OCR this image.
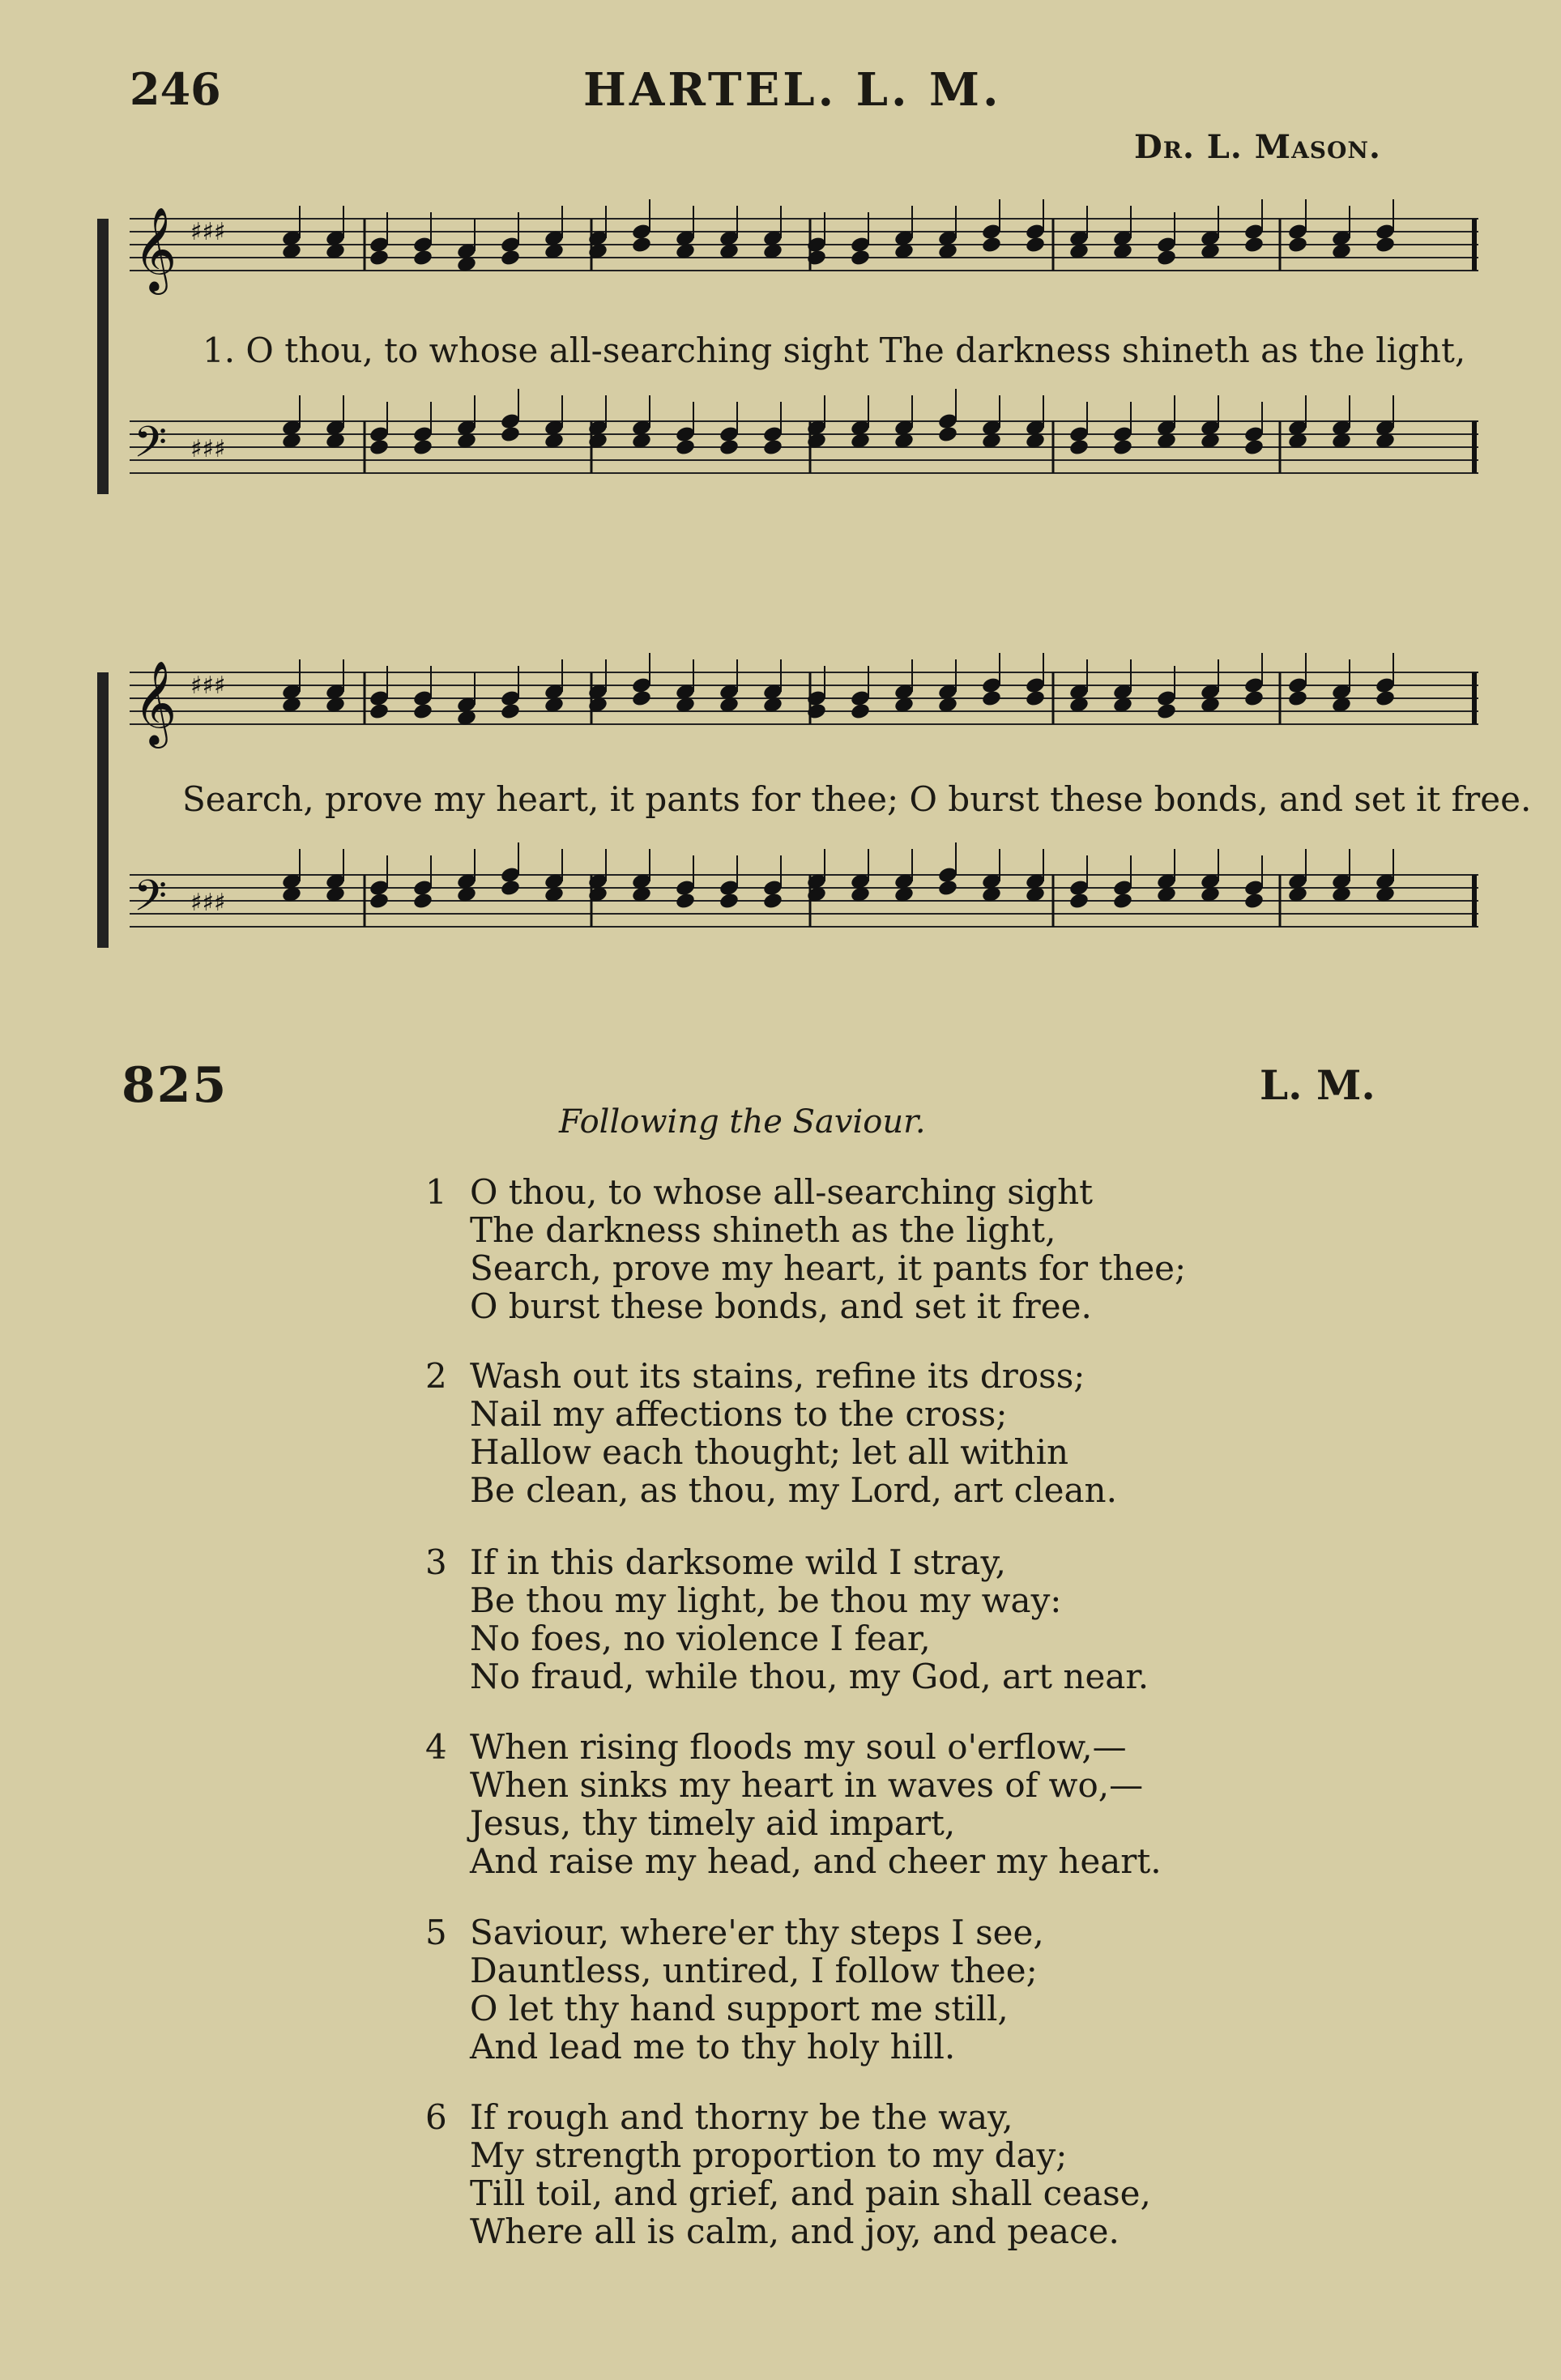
246	HARTEL. L. M.
Dr. L. Mason.
𝄞
𝄢
♯♯♯
♯♯♯
1. O thou, to whose all-searching sight The darkness shineth as the light,
𝄞
𝄢
♯♯♯
♯♯♯
Search, prove my heart, it pants for thee; O burst these bonds, and set it free.
825	L. M.
Following the Saviour.
1 O thou, to whose all-searching sight
The darkness shineth as the light,
Search, prove my heart, it pants for thee;
O burst these bonds, and set it free.
2 Wash out its stains, refine its dross;
Nail my affections to the cross;
Hallow each thought; let all within
Be clean, as thou, my Lord, art clean.
3 If in this darksome wild I stray,
Be thou my light, be thou my way:
No foes, no violence I fear,
No fraud, while thou, my God, art near.
4 When rising floods my soul o'erflow,—
When sinks my heart in waves of wo,—
Jesus, thy timely aid impart,
And raise my head, and cheer my heart.
5 Saviour, where'er thy steps I see,
Dauntless, untired, I follow thee;
O let thy hand support me still,
And lead me to thy holy hill.
6 If rough and thorny be the way,
My strength proportion to my day;
Till toil, and grief, and pain shall cease,
Where all is calm, and joy, and peace.
